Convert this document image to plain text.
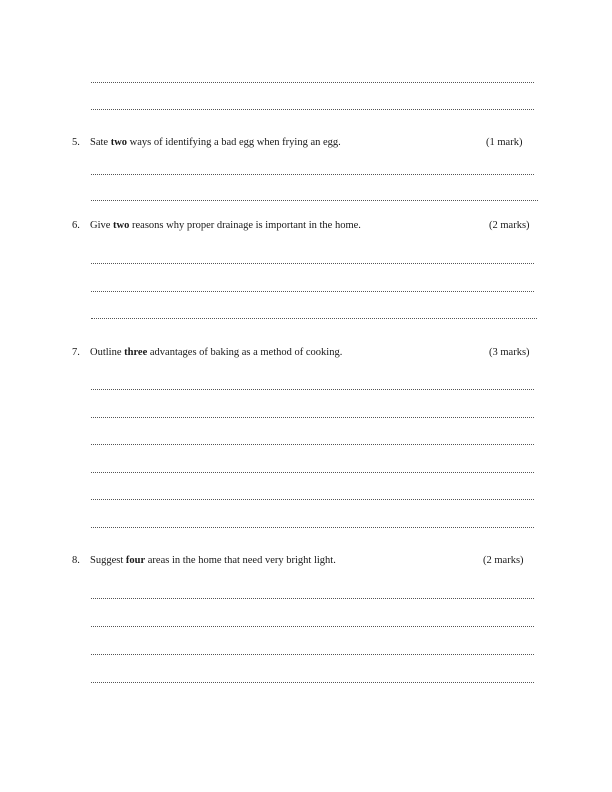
5. Sate two ways of identifying a bad egg when frying an egg.	(1 mark)
6. Give two reasons why proper drainage is important in the home.	(2 marks)
7. Outline three advantages of baking as a method of cooking.	(3 marks)
8. Suggest four areas in the home that need very bright light.	(2 marks)
